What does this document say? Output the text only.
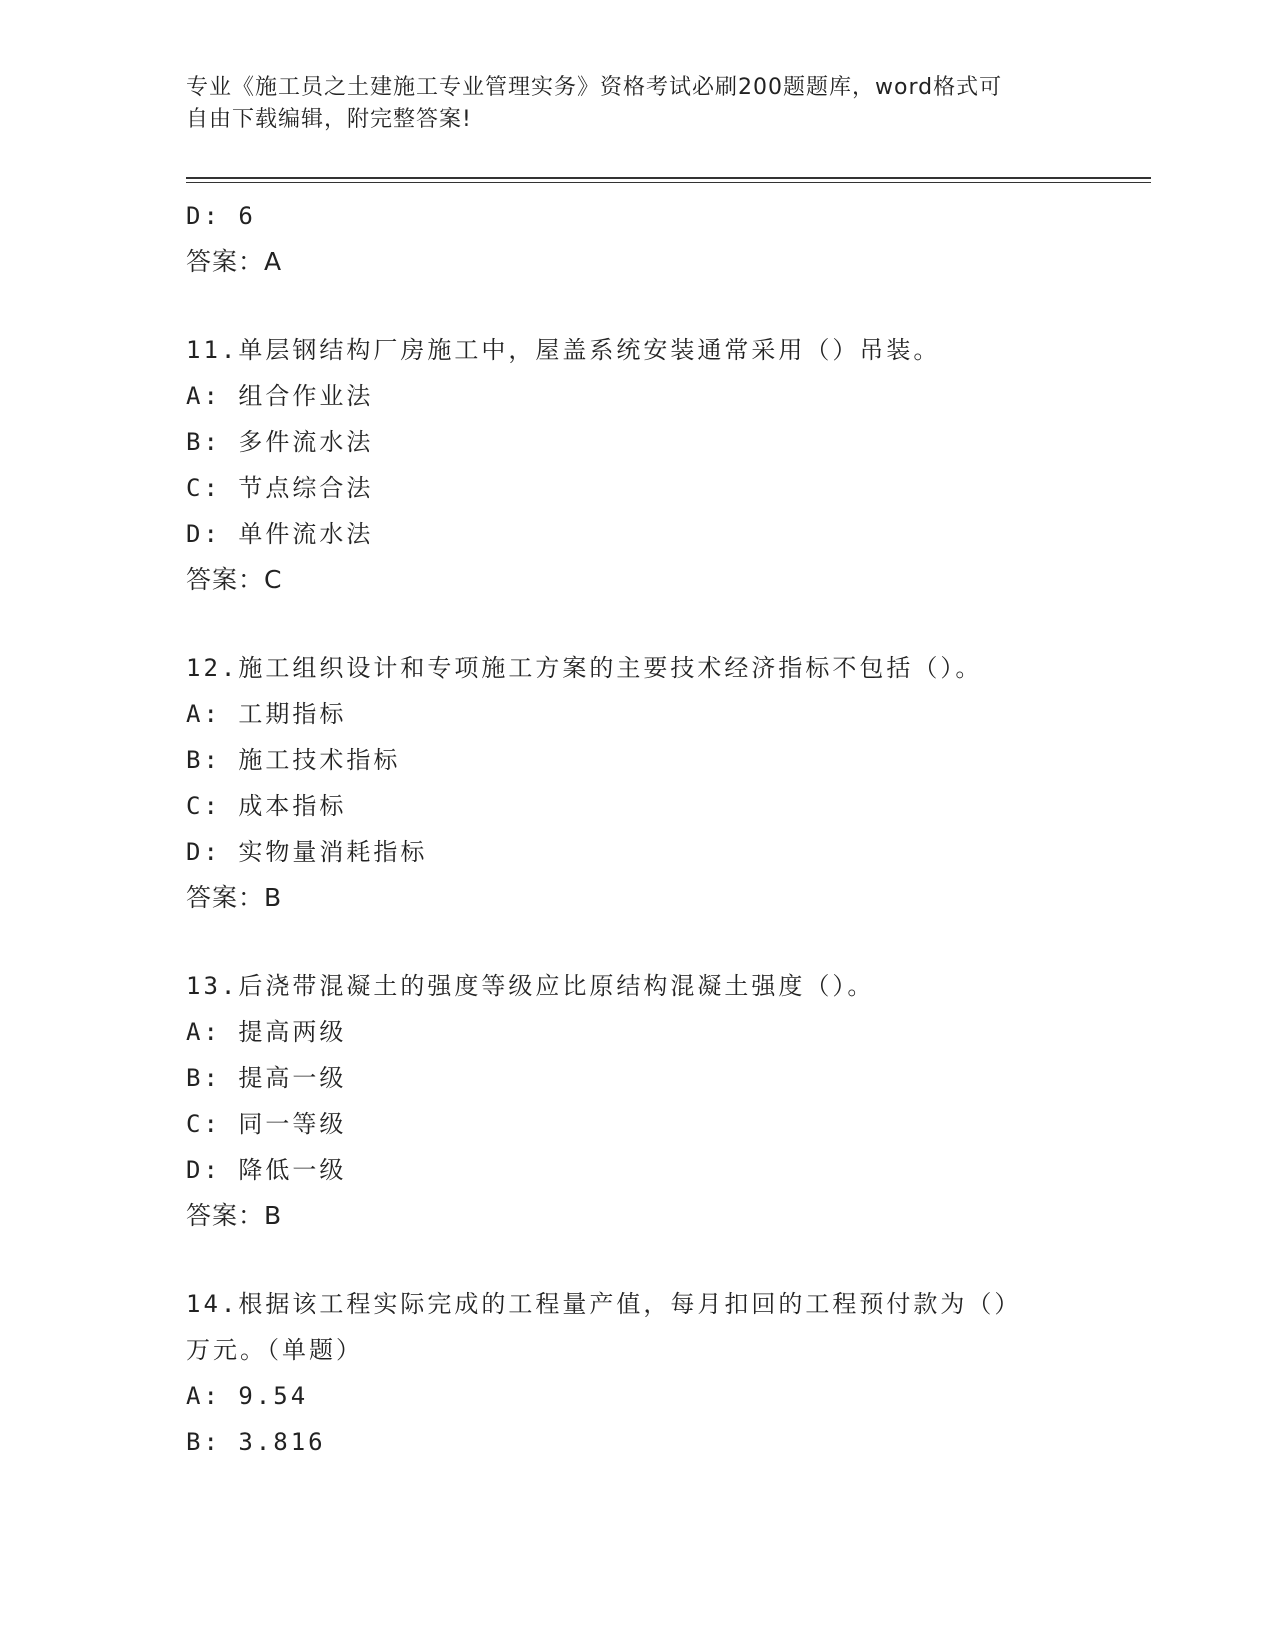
专业《施工员之土建施工专业管理实务》资格考试必刷200题题库，word格式可
自由下载编辑，附完整答案!
D: 6
答案：A
11.单层钢结构厂房施工中，屋盖系统安装通常采用（）吊装。
A: 组合作业法
B: 多件流水法
C: 节点综合法
D: 单件流水法
答案：C
12.施工组织设计和专项施工方案的主要技术经济指标不包括（）。
A: 工期指标
B: 施工技术指标
C: 成本指标
D: 实物量消耗指标
答案：B
13.后浇带混凝土的强度等级应比原结构混凝土强度（）。
A: 提高两级
B: 提高一级
C: 同一等级
D: 降低一级
答案：B
14.根据该工程实际完成的工程量产值，每月扣回的工程预付款为（）
万元。（单题）
A: 9.54
B: 3.816
